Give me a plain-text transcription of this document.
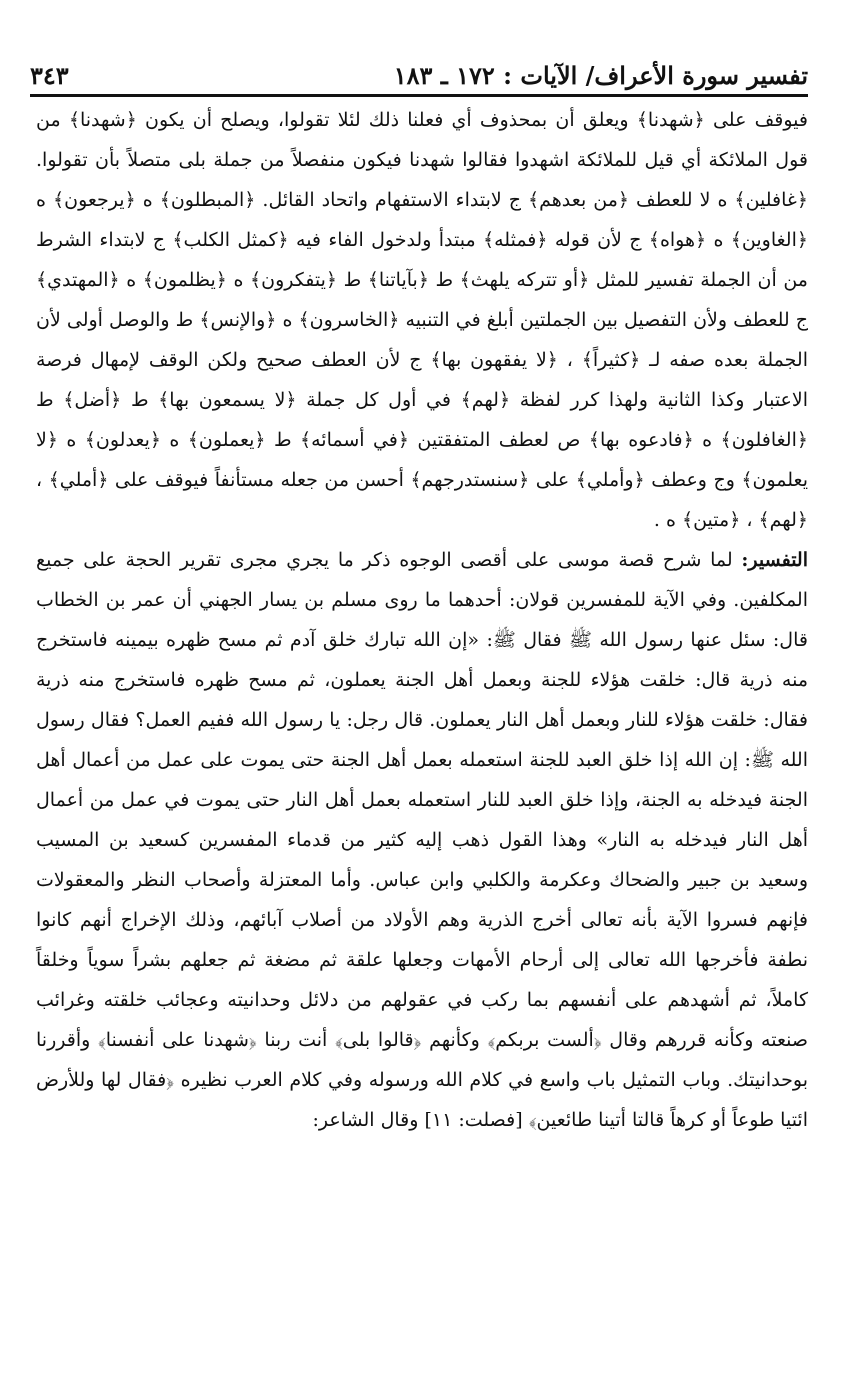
تفسير سورة الأعراف/ الآيات : ١٧٢ ـ ١٨٣
٣٤٣

فيوقف على ﴿شهدنا﴾ ويعلق أن بمحذوف أي فعلنا ذلك لئلا تقولوا، ويصلح أن يكون ﴿شهدنا﴾ من قول الملائكة أي قيل للملائكة اشهدوا فقالوا شهدنا فيكون منفصلاً من جملة بلى متصلاً بأن تقولوا. ﴿غافلين﴾ ه لا للعطف ﴿من بعدهم﴾ ج لابتداء الاستفهام واتحاد القائل. ﴿المبطلون﴾ ه ﴿يرجعون﴾ ه ﴿الغاوين﴾ ه ﴿هواه﴾ ج لأن قوله ﴿فمثله﴾ مبتدأ ولدخول الفاء فيه ﴿كمثل الكلب﴾ ج لابتداء الشرط من أن الجملة تفسير للمثل ﴿أو تتركه يلهث﴾ ط ﴿بآياتنا﴾ ط ﴿يتفكرون﴾ ه ﴿يظلمون﴾ ه ﴿المهتدي﴾ ج للعطف ولأن التفصيل بين الجملتين أبلغ في التنبيه ﴿الخاسرون﴾ ه ﴿والإنس﴾ ط والوصل أولى لأن الجملة بعده صفه لـ ﴿كثيراً﴾ ، ﴿لا يفقهون بها﴾ ج لأن العطف صحيح ولكن الوقف لإمهال فرصة الاعتبار وكذا الثانية ولهذا كرر لفظة ﴿لهم﴾ في أول كل جملة ﴿لا يسمعون بها﴾ ط ﴿أضل﴾ ط ﴿الغافلون﴾ ه ﴿فادعوه بها﴾ ص لعطف المتفقتين ﴿في أسمائه﴾ ط ﴿يعملون﴾ ه ﴿يعدلون﴾ ه ﴿لا يعلمون﴾ وج وعطف ﴿وأملي﴾ على ﴿سنستدرجهم﴾ أحسن من جعله مستأنفاً فيوقف على ﴿أملي﴾ ، ﴿لهم﴾ ، ﴿متين﴾ ه .

التفسير: لما شرح قصة موسى على أقصى الوجوه ذكر ما يجري مجرى تقرير الحجة على جميع المكلفين. وفي الآية للمفسرين قولان: أحدهما ما روى مسلم بن يسار الجهني أن عمر بن الخطاب قال: سئل عنها رسول الله ﷺ فقال ﷺ: «إن الله تبارك خلق آدم ثم مسح ظهره بيمينه فاستخرج منه ذرية قال: خلقت هؤلاء للجنة وبعمل أهل الجنة يعملون، ثم مسح ظهره فاستخرج منه ذرية فقال: خلقت هؤلاء للنار وبعمل أهل النار يعملون. قال رجل: يا رسول الله ففيم العمل؟ فقال رسول الله ﷺ: إن الله إذا خلق العبد للجنة استعمله بعمل أهل الجنة حتى يموت على عمل من أعمال أهل الجنة فيدخله به الجنة، وإذا خلق العبد للنار استعمله بعمل أهل النار حتى يموت في عمل من أعمال أهل النار فيدخله به النار» وهذا القول ذهب إليه كثير من قدماء المفسرين كسعيد بن المسيب وسعيد بن جبير والضحاك وعكرمة والكلبي وابن عباس. وأما المعتزلة وأصحاب النظر والمعقولات فإنهم فسروا الآية بأنه تعالى أخرج الذرية وهم الأولاد من أصلاب آبائهم، وذلك الإخراج أنهم كانوا نطفة فأخرجها الله تعالى إلى أرحام الأمهات وجعلها علقة ثم مضغة ثم جعلهم بشراً سوياً وخلقاً كاملاً، ثم أشهدهم على أنفسهم بما ركب في عقولهم من دلائل وحدانيته وعجائب خلقته وغرائب صنعته وكأنه قررهم وقال ﴿ألست بربكم﴾ وكأنهم ﴿قالوا بلى﴾ أنت ربنا ﴿شهدنا على أنفسنا﴾ وأقررنا بوحدانيتك. وباب التمثيل باب واسع في كلام الله ورسوله وفي كلام العرب نظيره ﴿فقال لها وللأرض ائتيا طوعاً أو كرهاً قالتا أتينا طائعين﴾ [فصلت: ١١] وقال الشاعر:
